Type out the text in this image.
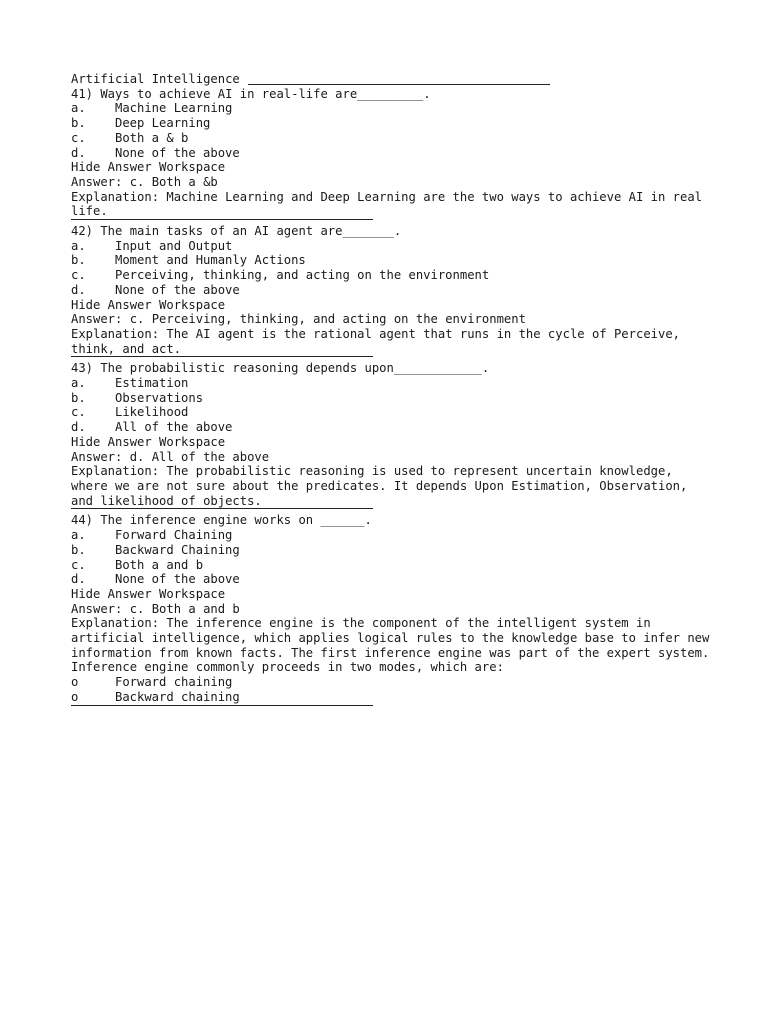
Artificial Intelligence
41) Ways to achieve AI in real-life are_________.
a.	Machine Learning
b.	Deep Learning
c.	Both a & b
d.	None of the above
Hide Answer Workspace
Answer: c. Both a &b
Explanation: Machine Learning and Deep Learning are the two ways to achieve AI in real life.
42) The main tasks of an AI agent are_______.
a.	Input and Output
b.	Moment and Humanly Actions
c.	Perceiving, thinking, and acting on the environment
d.	None of the above
Hide Answer Workspace
Answer: c. Perceiving, thinking, and acting on the environment
Explanation: The AI agent is the rational agent that runs in the cycle of Perceive, think, and act.
43) The probabilistic reasoning depends upon____________.
a.	Estimation
b.	Observations
c.	Likelihood
d.	All of the above
Hide Answer Workspace
Answer: d. All of the above
Explanation: The probabilistic reasoning is used to represent uncertain knowledge, where we are not sure about the predicates. It depends Upon Estimation, Observation, and likelihood of objects.
44) The inference engine works on ______.
a.	Forward Chaining
b.	Backward Chaining
c.	Both a and b
d.	None of the above
Hide Answer Workspace
Answer: c. Both a and b
Explanation: The inference engine is the component of the intelligent system in artificial intelligence, which applies logical rules to the knowledge base to infer new information from known facts. The first inference engine was part of the expert system. Inference engine commonly proceeds in two modes, which are:
o	Forward chaining
o	Backward chaining
